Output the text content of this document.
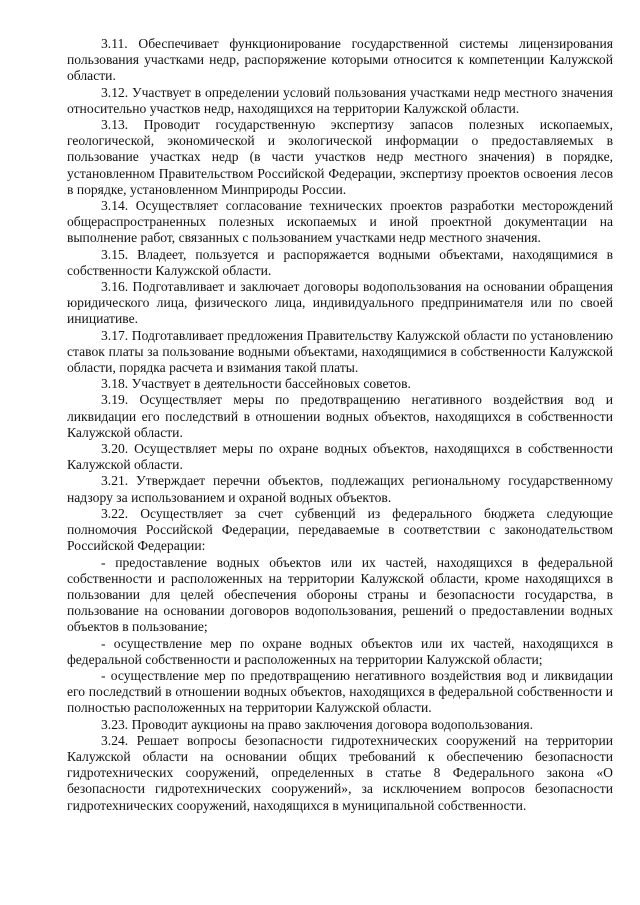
3.11. Обеспечивает функционирование государственной системы лицензирования пользования участками недр, распоряжение которыми относится к компетенции Калужской области.

3.12. Участвует в определении условий пользования участками недр местного значения относительно участков недр, находящихся на территории Калужской области.

3.13. Проводит государственную экспертизу запасов полезных ископаемых, геологической, экономической и экологической информации о предоставляемых в пользование участках недр (в части участков недр местного значения) в порядке, установленном Правительством Российской Федерации, экспертизу проектов освоения лесов в порядке, установленном Минприроды России.

3.14. Осуществляет согласование технических проектов разработки месторождений общераспространенных полезных ископаемых и иной проектной документации на выполнение работ, связанных с пользованием участками недр местного значения.

3.15. Владеет, пользуется и распоряжается водными объектами, находящимися в собственности Калужской области.

3.16. Подготавливает и заключает договоры водопользования на основании обращения юридического лица, физического лица, индивидуального предпринимателя или по своей инициативе.

3.17. Подготавливает предложения Правительству Калужской области по установлению ставок платы за пользование водными объектами, находящимися в собственности Калужской области, порядка расчета и взимания такой платы.

3.18. Участвует в деятельности бассейновых советов.

3.19. Осуществляет меры по предотвращению негативного воздействия вод и ликвидации его последствий в отношении водных объектов, находящихся в собственности Калужской области.

3.20. Осуществляет меры по охране водных объектов, находящихся в собственности Калужской области.

3.21. Утверждает перечни объектов, подлежащих региональному государственному надзору за использованием и охраной водных объектов.

3.22. Осуществляет за счет субвенций из федерального бюджета следующие полномочия Российской Федерации, передаваемые в соответствии с законодательством Российской Федерации:

- предоставление водных объектов или их частей, находящихся в федеральной собственности и расположенных на территории Калужской области, кроме находящихся в пользовании для целей обеспечения обороны страны и безопасности государства, в пользование на основании договоров водопользования, решений о предоставлении водных объектов в пользование;

- осуществление мер по охране водных объектов или их частей, находящихся в федеральной собственности и расположенных на территории Калужской области;

- осуществление мер по предотвращению негативного воздействия вод и ликвидации его последствий в отношении водных объектов, находящихся в федеральной собственности и полностью расположенных на территории Калужской области.

3.23. Проводит аукционы на право заключения договора водопользования.

3.24. Решает вопросы безопасности гидротехнических сооружений на территории Калужской области на основании общих требований к обеспечению безопасности гидротехнических сооружений, определенных в статье 8 Федерального закона «О безопасности гидротехнических сооружений», за исключением вопросов безопасности гидротехнических сооружений, находящихся в муниципальной собственности.
